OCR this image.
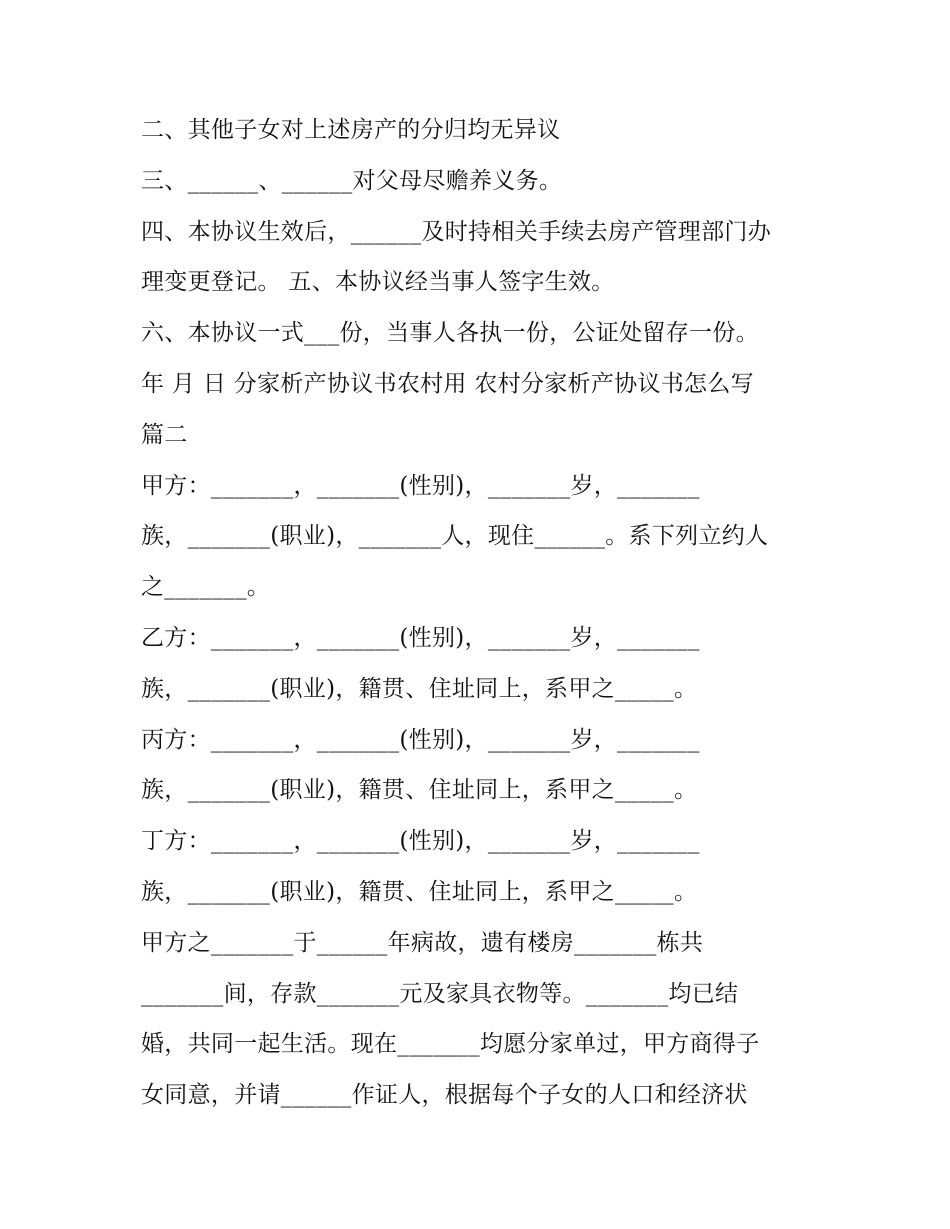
二、其他子女对上述房产的分归均无异议
三、______、______对父母尽赡养义务。
四、本协议生效后，______及时持相关手续去房产管理部门办
理变更登记。 五、本协议经当事人签字生效。
六、本协议一式___份，当事人各执一份，公证处留存一份。
年 月 日 分家析产协议书农村用 农村分家析产协议书怎么写
篇二
甲方：_______，_______(性别)，_______岁，_______
族，_______(职业)，_______人，现住______。系下列立约人
之_______。
乙方：_______，_______(性别)，_______岁，_______
族，_______(职业)，籍贯、住址同上，系甲之_____。
丙方：_______，_______(性别)，_______岁，_______
族，_______(职业)，籍贯、住址同上，系甲之_____。
丁方：_______，_______(性别)，_______岁，_______
族，_______(职业)，籍贯、住址同上，系甲之_____。
甲方之_______于______年病故，遗有楼房_______栋共
_______间，存款_______元及家具衣物等。_______均已结
婚，共同一起生活。现在_______均愿分家单过，甲方商得子
女同意，并请______作证人，根据每个子女的人口和经济状
